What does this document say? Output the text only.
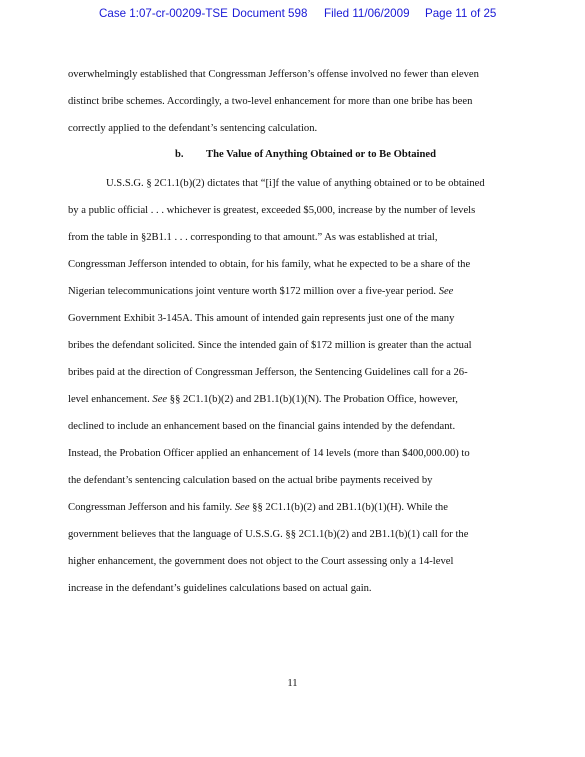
Case 1:07-cr-00209-TSE Document 598 Filed 11/06/2009 Page 11 of 25
overwhelmingly established that Congressman Jefferson’s offense involved no fewer than eleven
distinct bribe schemes. Accordingly, a two-level enhancement for more than one bribe has been
correctly applied to the defendant’s sentencing calculation.
b. The Value of Anything Obtained or to Be Obtained
U.S.S.G. § 2C1.1(b)(2) dictates that “[i]f the value of anything obtained or to be obtained
by a public official . . . whichever is greatest, exceeded $5,000, increase by the number of levels
from the table in §2B1.1 . . . corresponding to that amount.” As was established at trial,
Congressman Jefferson intended to obtain, for his family, what he expected to be a share of the
Nigerian telecommunications joint venture worth $172 million over a five-year period. See
Government Exhibit 3-145A. This amount of intended gain represents just one of the many
bribes the defendant solicited. Since the intended gain of $172 million is greater than the actual
bribes paid at the direction of Congressman Jefferson, the Sentencing Guidelines call for a 26-
level enhancement. See §§ 2C1.1(b)(2) and 2B1.1(b)(1)(N). The Probation Office, however,
declined to include an enhancement based on the financial gains intended by the defendant.
Instead, the Probation Officer applied an enhancement of 14 levels (more than $400,000.00) to
the defendant’s sentencing calculation based on the actual bribe payments received by
Congressman Jefferson and his family. See §§ 2C1.1(b)(2) and 2B1.1(b)(1)(H). While the
government believes that the language of U.S.S.G. §§ 2C1.1(b)(2) and 2B1.1(b)(1) call for the
higher enhancement, the government does not object to the Court assessing only a 14-level
increase in the defendant’s guidelines calculations based on actual gain.
11
